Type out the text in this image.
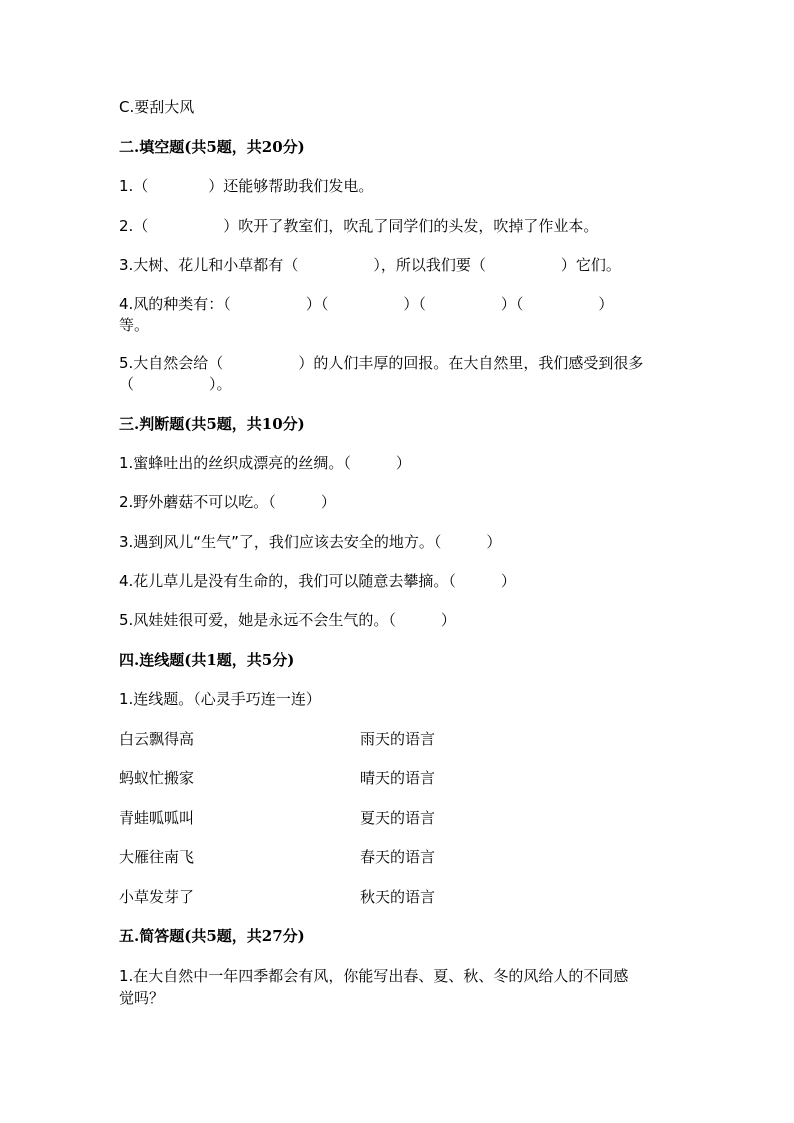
C.要刮大风
二.填空题(共5题，共20分)
1.（　　　　）还能够帮助我们发电。
2.（　　　　　）吹开了教室们，吹乱了同学们的头发，吹掉了作业本。
3.大树、花儿和小草都有（　　　　　），所以我们要（　　　　　）它们。
4.风的种类有：（　　　　　）（　　　　　）（　　　　　）（　　　　　）
等。
5.大自然会给（　　　　　）的人们丰厚的回报。在大自然里，我们感受到很多
（　　　　　）。
三.判断题(共5题，共10分)
1.蜜蜂吐出的丝织成漂亮的丝绸。（　　　）
2.野外蘑菇不可以吃。（　　　）
3.遇到风儿“生气”了，我们应该去安全的地方。（　　　）
4.花儿草儿是没有生命的，我们可以随意去攀摘。（　　　）
5.风娃娃很可爱，她是永远不会生气的。（　　　）
四.连线题(共1题，共5分)
1.连线题。（心灵手巧连一连）
白云飘得高	雨天的语言
蚂蚁忙搬家	晴天的语言
青蛙呱呱叫	夏天的语言
大雁往南飞	春天的语言
小草发芽了	秋天的语言
五.简答题(共5题，共27分)
1.在大自然中一年四季都会有风，你能写出春、夏、秋、冬的风给人的不同感
觉吗？
